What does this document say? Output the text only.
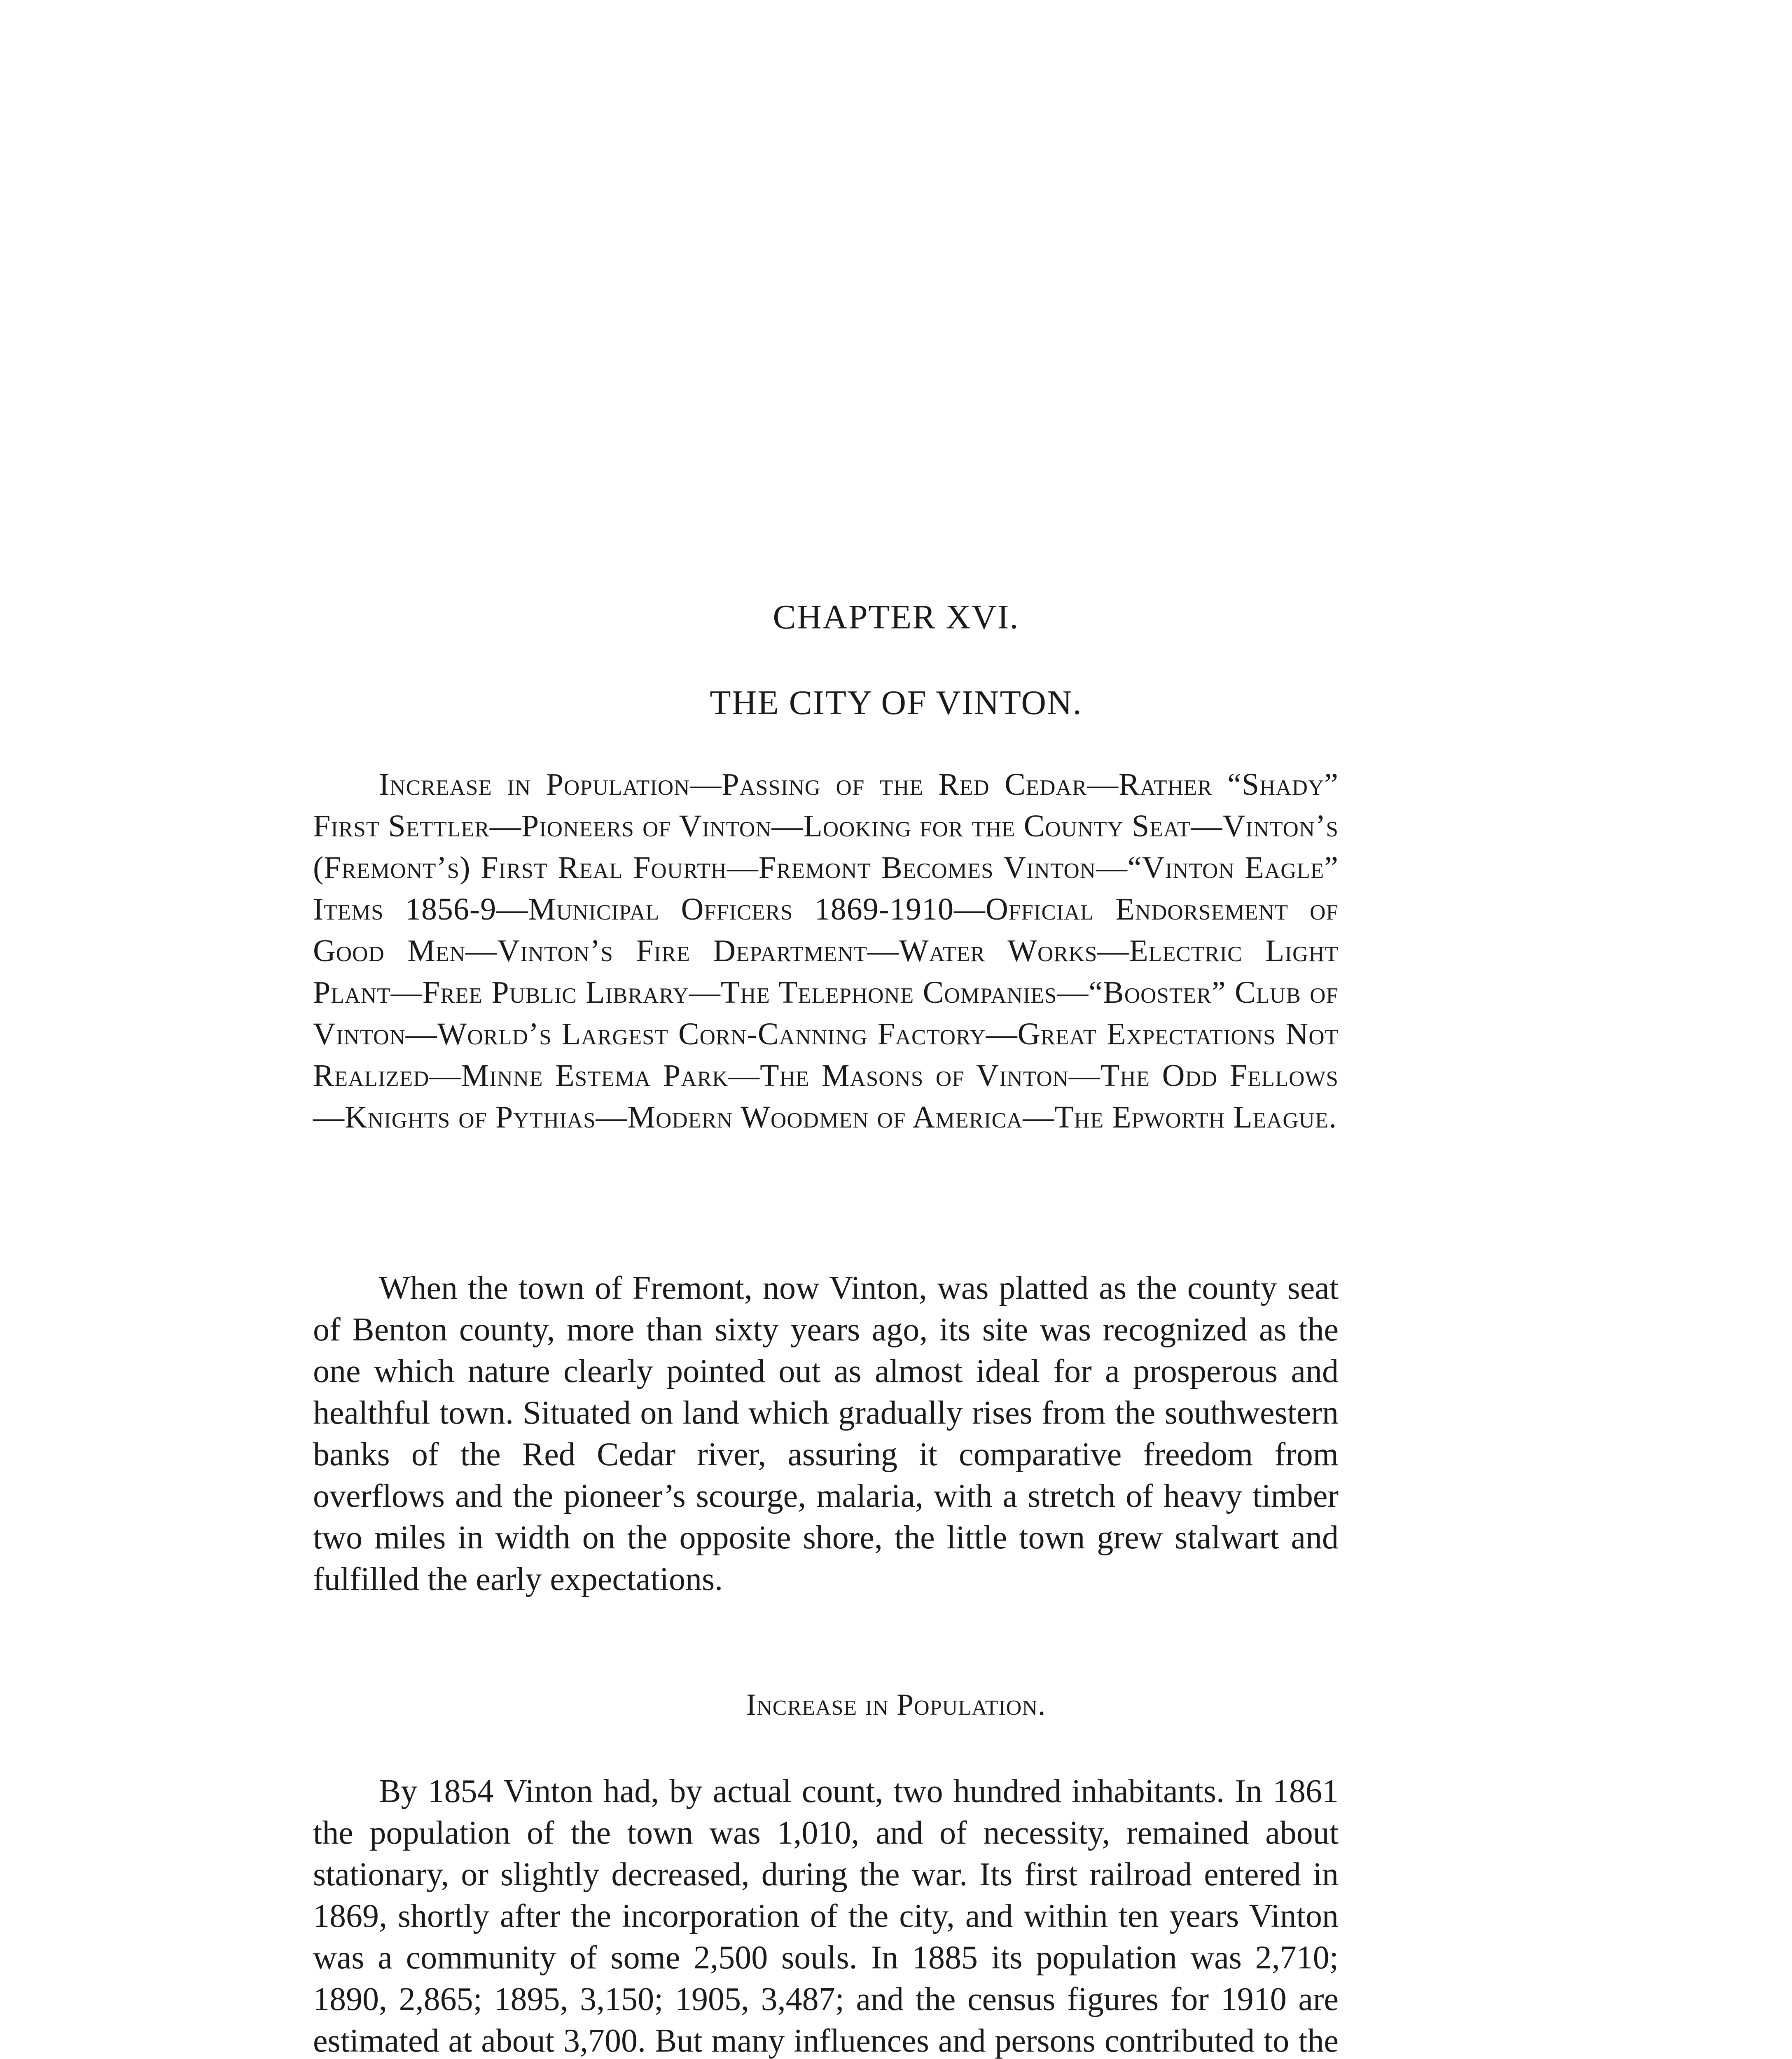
CHAPTER XVI.
THE CITY OF VINTON.
Increase in Population—Passing of the Red Cedar—Rather “Shady” First Settler—Pioneers of Vinton—Looking for the County Seat—Vinton’s (Fremont’s) First Real Fourth—Fremont Becomes Vinton—“Vinton Eagle” Items 1856-9—Municipal Officers 1869-1910—Official Endorsement of Good Men—Vinton’s Fire Department—Water Works—Electric Light Plant—Free Public Library—The Telephone Companies—“Booster” Club of Vinton—World’s Largest Corn-Canning Factory—Great Expectations Not Realized—Minne Estema Park—The Masons of Vinton—The Odd Fellows—Knights of Pythias—Modern Woodmen of America—The Epworth League.

When the town of Fremont, now Vinton, was platted as the county seat of Benton county, more than sixty years ago, its site was recognized as the one which nature clearly pointed out as almost ideal for a prosperous and healthful town. Situated on land which gradually rises from the southwestern banks of the Red Cedar river, assuring it comparative freedom from overflows and the pioneer’s scourge, malaria, with a stretch of heavy timber two miles in width on the opposite shore, the little town grew stalwart and fulfilled the early expectations.

Increase in Population.

By 1854 Vinton had, by actual count, two hundred inhabitants. In 1861 the population of the town was 1,010, and of necessity, remained about stationary, or slightly decreased, during the war. Its first railroad entered in 1869, shortly after the incorporation of the city, and within ten years Vinton was a community of some 2,500 souls. In 1885 its population was 2,710; 1890, 2,865; 1895, 3,150; 1905, 3,487; and the census figures for 1910 are estimated at about 3,700. But many influences and persons contributed to the
